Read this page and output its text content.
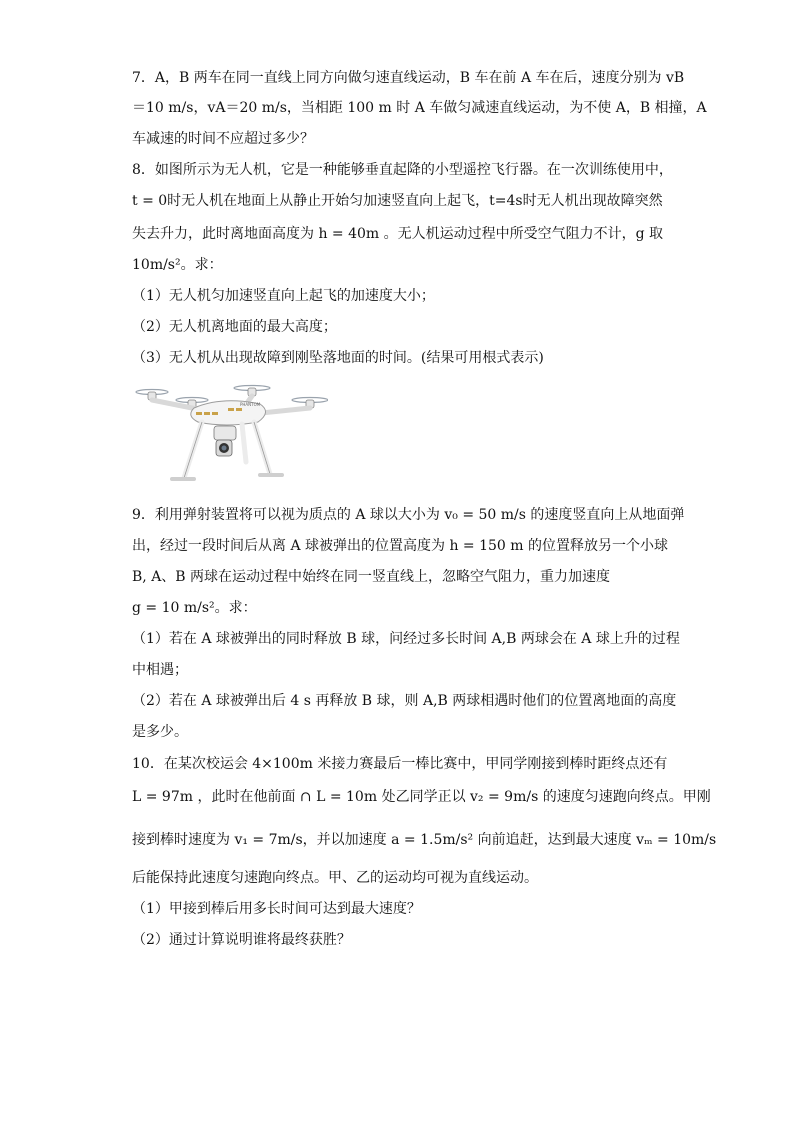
7．A，B 两车在同一直线上同方向做匀速直线运动，B 车在前 A 车在后，速度分别为 vB
＝10 m/s，vA＝20 m/s，当相距 100 m 时 A 车做匀减速直线运动，为不使 A，B 相撞，A
车减速的时间不应超过多少？
8．如图所示为无人机，它是一种能够垂直起降的小型遥控飞行器。在一次训练使用中，
t = 0时无人机在地面上从静止开始匀加速竖直向上起飞，t=4s时无人机出现故障突然
失去升力，此时离地面高度为 h = 40m 。无人机运动过程中所受空气阻力不计，g 取
10m/s²。求：
（1）无人机匀加速竖直向上起飞的加速度大小；
（2）无人机离地面的最大高度；
（3）无人机从出现故障到刚坠落地面的时间。(结果可用根式表示)
PHANTOM
9．利用弹射装置将可以视为质点的 A 球以大小为 v₀ = 50 m/s 的速度竖直向上从地面弹
出，经过一段时间后从离 A 球被弹出的位置高度为 h = 150 m 的位置释放另一个小球
B, A、B 两球在运动过程中始终在同一竖直线上，忽略空气阻力，重力加速度
g = 10 m/s²。求：
（1）若在 A 球被弹出的同时释放 B 球，问经过多长时间 A,B 两球会在 A 球上升的过程
中相遇；
（2）若在 A 球被弹出后 4 s 再释放 B 球，则 A,B 两球相遇时他们的位置离地面的高度
是多少。
10．在某次校运会 4×100m 米接力赛最后一棒比赛中，甲同学刚接到棒时距终点还有
L = 97m ，此时在他前面 ∩ L = 10m 处乙同学正以 v₂ = 9m/s 的速度匀速跑向终点。甲刚
接到棒时速度为 v₁ = 7m/s，并以加速度 a = 1.5m/s² 向前追赶，达到最大速度 vₘ = 10m/s
后能保持此速度匀速跑向终点。甲、乙的运动均可视为直线运动。
（1）甲接到棒后用多长时间可达到最大速度？
（2）通过计算说明谁将最终获胜？
